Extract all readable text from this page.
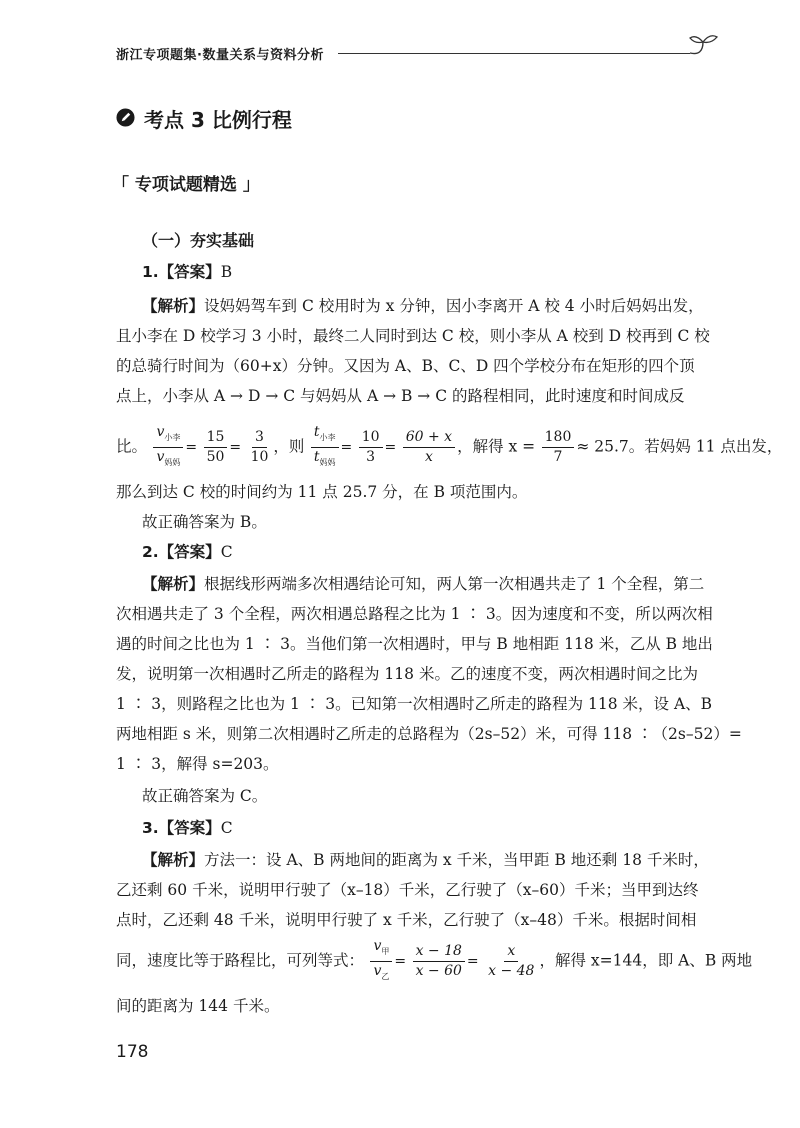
浙江专项题集·数量关系与资料分析
考点 3 比例行程
「 专项试题精选 」
（一）夯实基础
1.【答案】B
【解析】设妈妈驾车到 C 校用时为 x 分钟，因小李离开 A 校 4 小时后妈妈出发，
且小李在 D 校学习 3 小时，最终二人同时到达 C 校，则小李从 A 校到 D 校再到 C 校
的总骑行时间为（60+x）分钟。又因为 A、B、C、D 四个学校分布在矩形的四个顶
点上，小李从 A → D → C 与妈妈从 A → B → C 的路程相同，此时速度和时间成反
比。 $\frac{v_{小李}}{v_{妈妈}} = \frac{15}{50} = \frac{3}{10}$ ，则 $\frac{t_{小李}}{t_{妈妈}} = \frac{10}{3} = \frac{60 + x}{x}$ ，解得 $x = \frac{180}{7} \approx 25.7$。若妈妈 11 点出发，
那么到达 C 校的时间约为 11 点 25.7 分，在 B 项范围内。
故正确答案为 B。
2.【答案】C
【解析】根据线形两端多次相遇结论可知，两人第一次相遇共走了 1 个全程，第二
次相遇共走了 3 个全程，两次相遇总路程之比为 1 ∶ 3。因为速度和不变，所以两次相
遇的时间之比也为 1 ∶ 3。当他们第一次相遇时，甲与 B 地相距 118 米，乙从 B 地出
发，说明第一次相遇时乙所走的路程为 118 米。乙的速度不变，两次相遇时间之比为
1 ∶ 3，则路程之比也为 1 ∶ 3。已知第一次相遇时乙所走的路程为 118 米，设 A、B
两地相距 s 米，则第二次相遇时乙所走的总路程为（2s–52）米，可得 118 ∶（2s–52）=
1 ∶ 3，解得 s=203。
故正确答案为 C。
3.【答案】C
【解析】方法一：设 A、B 两地间的距离为 x 千米，当甲距 B 地还剩 18 千米时，
乙还剩 60 千米，说明甲行驶了（x–18）千米，乙行驶了（x–60）千米；当甲到达终
点时，乙还剩 48 千米，说明甲行驶了 x 千米，乙行驶了（x–48）千米。根据时间相
同，速度比等于路程比，可列等式： $\frac{v_甲}{v_乙} = \frac{x - 18}{x - 60} = \frac{x}{x - 48}$ ，解得 x=144，即 A、B 两地
间的距离为 144 千米。
178
